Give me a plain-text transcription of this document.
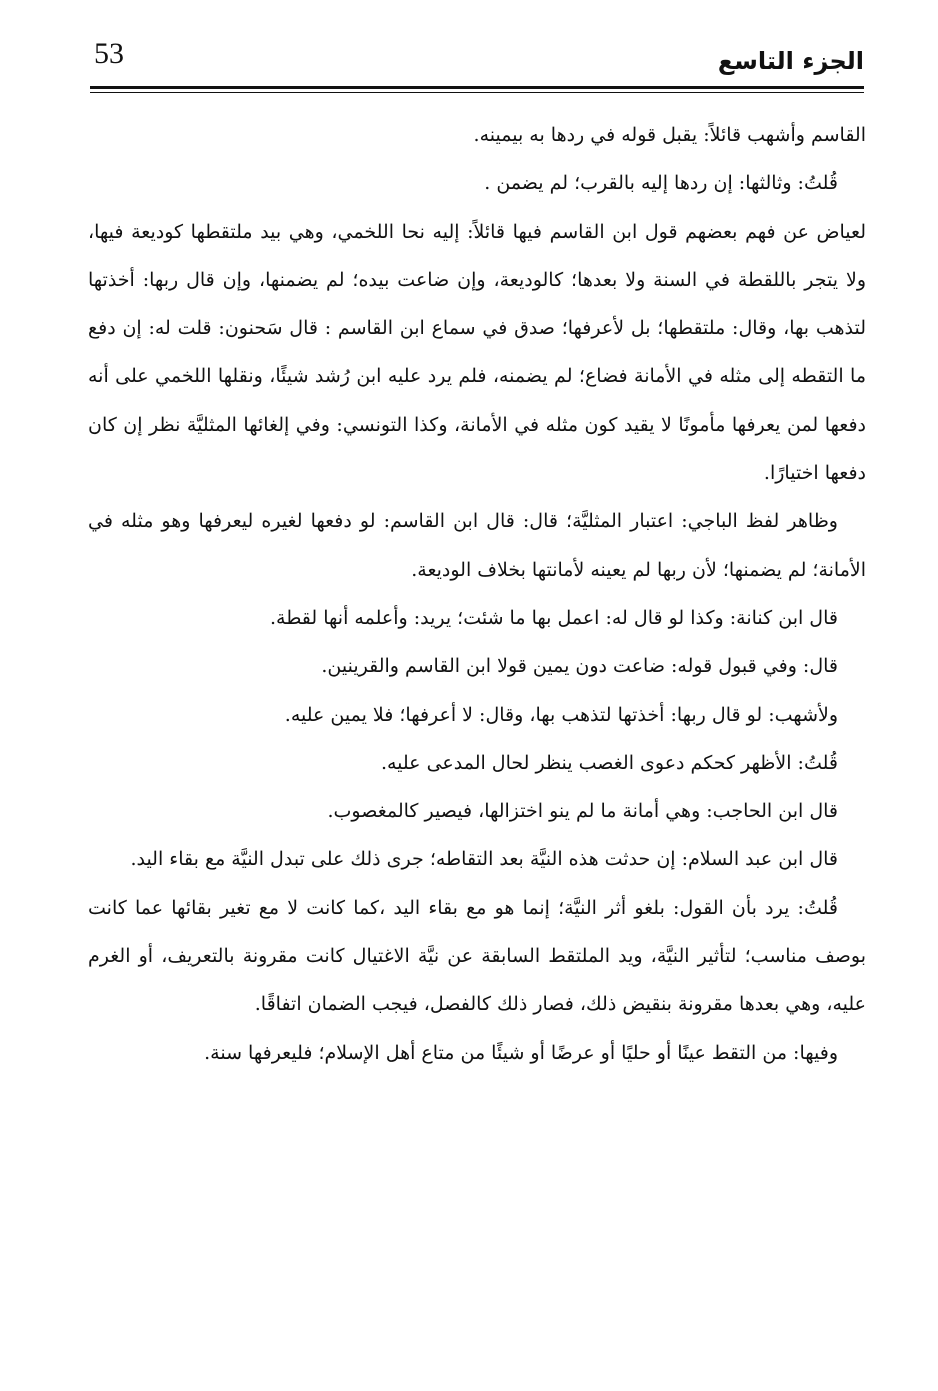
53	الجزء التاسع

القاسم وأشهب قائلاً: يقبل قوله في ردها به بيمينه.

قُلتُ: وثالثها: إن ردها إليه بالقرب؛ لم يضمن .

لعياض عن فهم بعضهم قول ابن القاسم فيها قائلاً: إليه نحا اللخمي، وهي بيد ملتقطها كوديعة فيها، ولا يتجر باللقطة في السنة ولا بعدها؛ كالوديعة، وإن ضاعت بيده؛ لم يضمنها، وإن قال ربها: أخذتها لتذهب بها، وقال: ملتقطها؛ بل لأعرفها؛ صدق في سماع ابن القاسم : قال سَحنون: قلت له: إن دفع ما التقطه إلى مثله في الأمانة فضاع؛ لم يضمنه، فلم يرد عليه ابن رُشد شيئًا، ونقلها اللخمي على أنه دفعها لمن يعرفها مأمونًا لا يقيد كون مثله في الأمانة، وكذا التونسي: وفي إلغائها المثليَّة نظر إن كان دفعها اختيارًا.

وظاهر لفظ الباجي: اعتبار المثليَّة؛ قال: قال ابن القاسم: لو دفعها لغيره ليعرفها وهو مثله في الأمانة؛ لم يضمنها؛ لأن ربها لم يعينه لأمانتها بخلاف الوديعة.

قال ابن كنانة: وكذا لو قال له: اعمل بها ما شئت؛ يريد: وأعلمه أنها لقطة.

قال: وفي قبول قوله: ضاعت دون يمين قولا ابن القاسم والقرينين.

ولأشهب: لو قال ربها: أخذتها لتذهب بها، وقال: لا أعرفها؛ فلا يمين عليه.

قُلتُ: الأظهر كحكم دعوى الغصب ينظر لحال المدعى عليه.

قال ابن الحاجب: وهي أمانة ما لم ينو اختزالها، فيصير كالمغصوب.

قال ابن عبد السلام: إن حدثت هذه النيَّة بعد التقاطه؛ جرى ذلك على تبدل النيَّة مع بقاء اليد.

قُلتُ: يرد بأن القول: بلغو أثر النيَّة؛ إنما هو مع بقاء اليد ،كما كانت لا مع تغير بقائها عما كانت بوصف مناسب؛ لتأثير النيَّة، ويد الملتقط السابقة عن نيَّة الاغتيال كانت مقرونة بالتعريف، أو الغرم عليه، وهي بعدها مقرونة بنقيض ذلك، فصار ذلك كالفصل، فيجب الضمان اتفاقًا.

وفيها: من التقط عينًا أو حليًا أو عرضًا أو شيئًا من متاع أهل الإسلام؛ فليعرفها سنة.
